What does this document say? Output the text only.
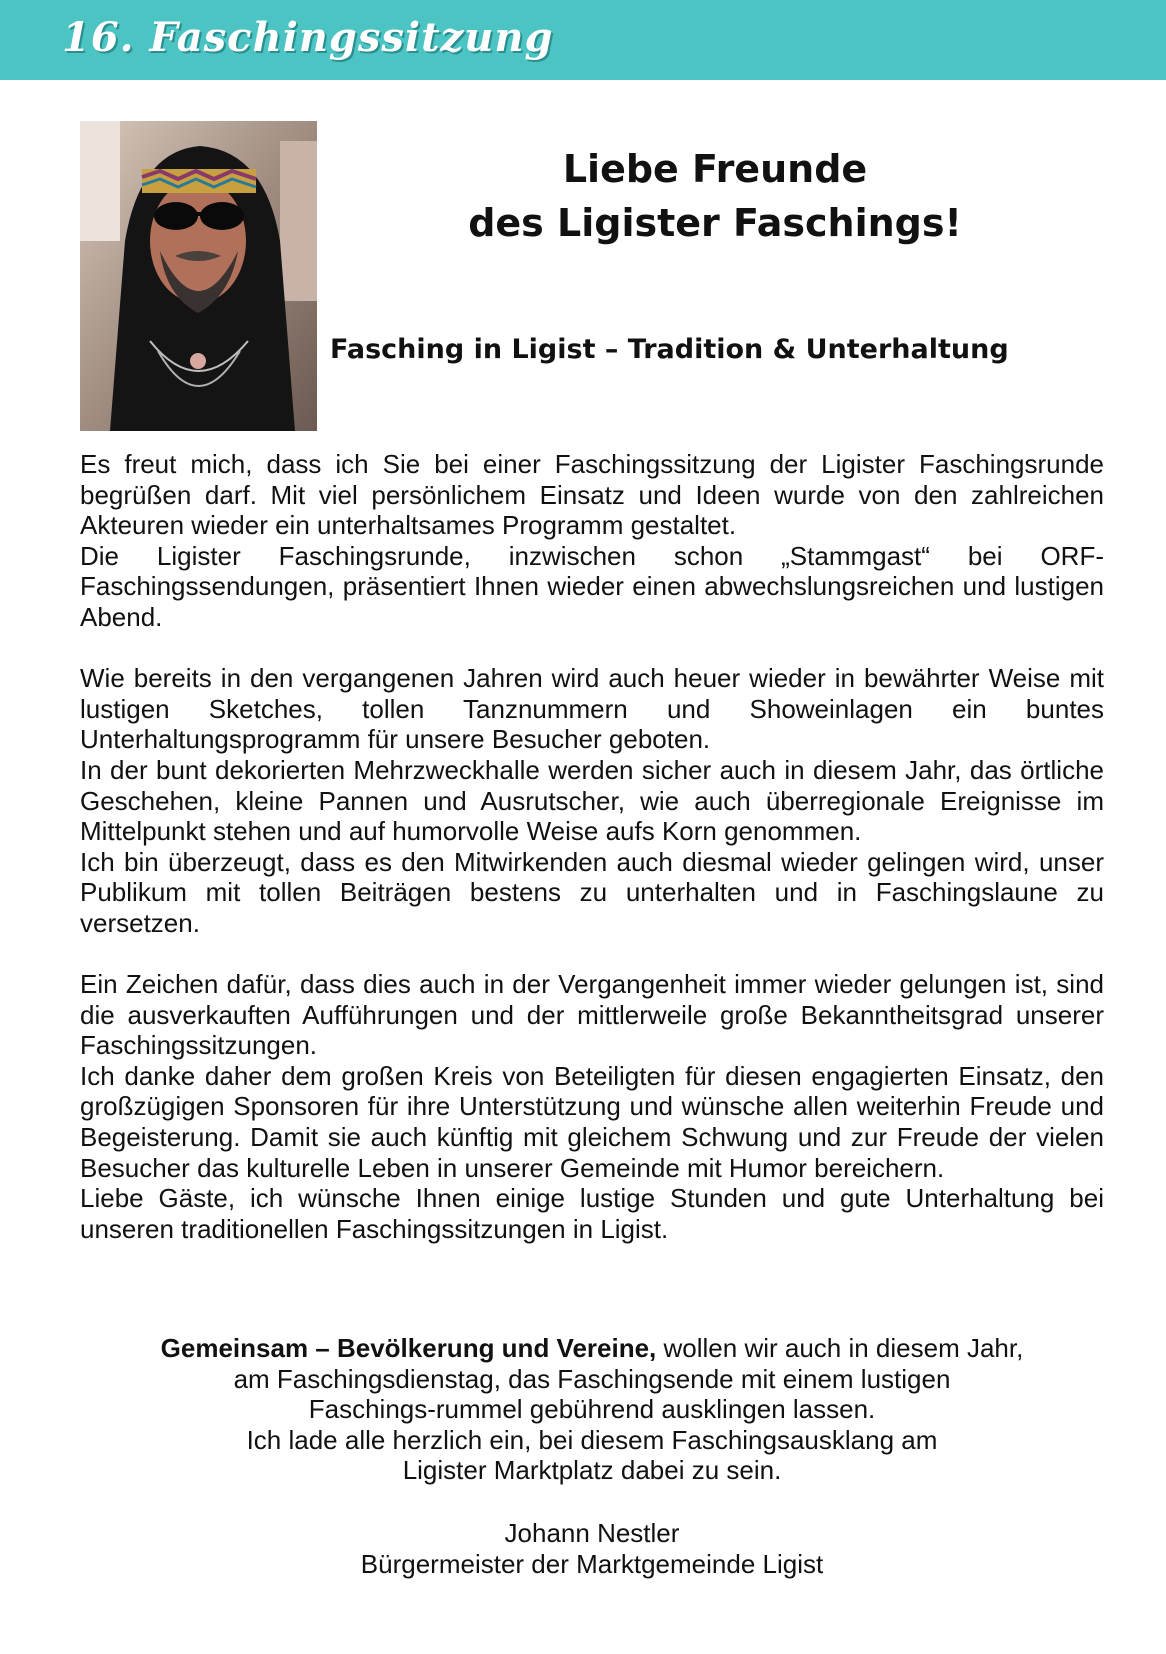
16. Faschingssitzung
Liebe Freunde
des Ligister Faschings!
Fasching in Ligist – Tradition & Unterhaltung

Es freut mich, dass ich Sie bei einer Faschingssitzung der Ligister Faschingsrunde begrüßen darf. Mit viel persönlichem Einsatz und Ideen wurde von den zahlreichen Akteuren wieder ein unterhaltsames Programm gestaltet.

Die Ligister Faschingsrunde, inzwischen schon „Stammgast“ bei ORF-Faschingssendungen, präsentiert Ihnen wieder einen abwechslungsreichen und lustigen Abend.

Wie bereits in den vergangenen Jahren wird auch heuer wieder in bewährter Weise mit lustigen Sketches, tollen Tanznummern und Showeinlagen ein buntes Unterhaltungsprogramm für unsere Besucher geboten.

In der bunt dekorierten Mehrzweckhalle werden sicher auch in diesem Jahr, das örtliche Geschehen, kleine Pannen und Ausrutscher, wie auch überregionale Ereignisse im Mittelpunkt stehen und auf humorvolle Weise aufs Korn genommen.

Ich bin überzeugt, dass es den Mitwirkenden auch diesmal wieder gelingen wird, unser Publikum mit tollen Beiträgen bestens zu unterhalten und in Faschingslaune zu versetzen.

Ein Zeichen dafür, dass dies auch in der Vergangenheit immer wieder gelungen ist, sind die ausverkauften Aufführungen und der mittlerweile große Bekanntheitsgrad unserer Faschingssitzungen.

Ich danke daher dem großen Kreis von Beteiligten für diesen engagierten Einsatz, den großzügigen Sponsoren für ihre Unterstützung und wünsche allen weiterhin Freude und Begeisterung. Damit sie auch künftig mit gleichem Schwung und zur Freude der vielen Besucher das kulturelle Leben in unserer Gemeinde mit Humor bereichern.

Liebe Gäste, ich wünsche Ihnen einige lustige Stunden und gute Unterhaltung bei unseren traditionellen Faschingssitzungen in Ligist.

Gemeinsam – Bevölkerung und Vereine, wollen wir auch in diesem Jahr,
am Faschingsdienstag, das Faschingsende mit einem lustigen
Faschings-rummel gebührend ausklingen lassen.
Ich lade alle herzlich ein, bei diesem Faschingsausklang am
Ligister Marktplatz dabei zu sein.
Johann Nestler
Bürgermeister der Marktgemeinde Ligist
